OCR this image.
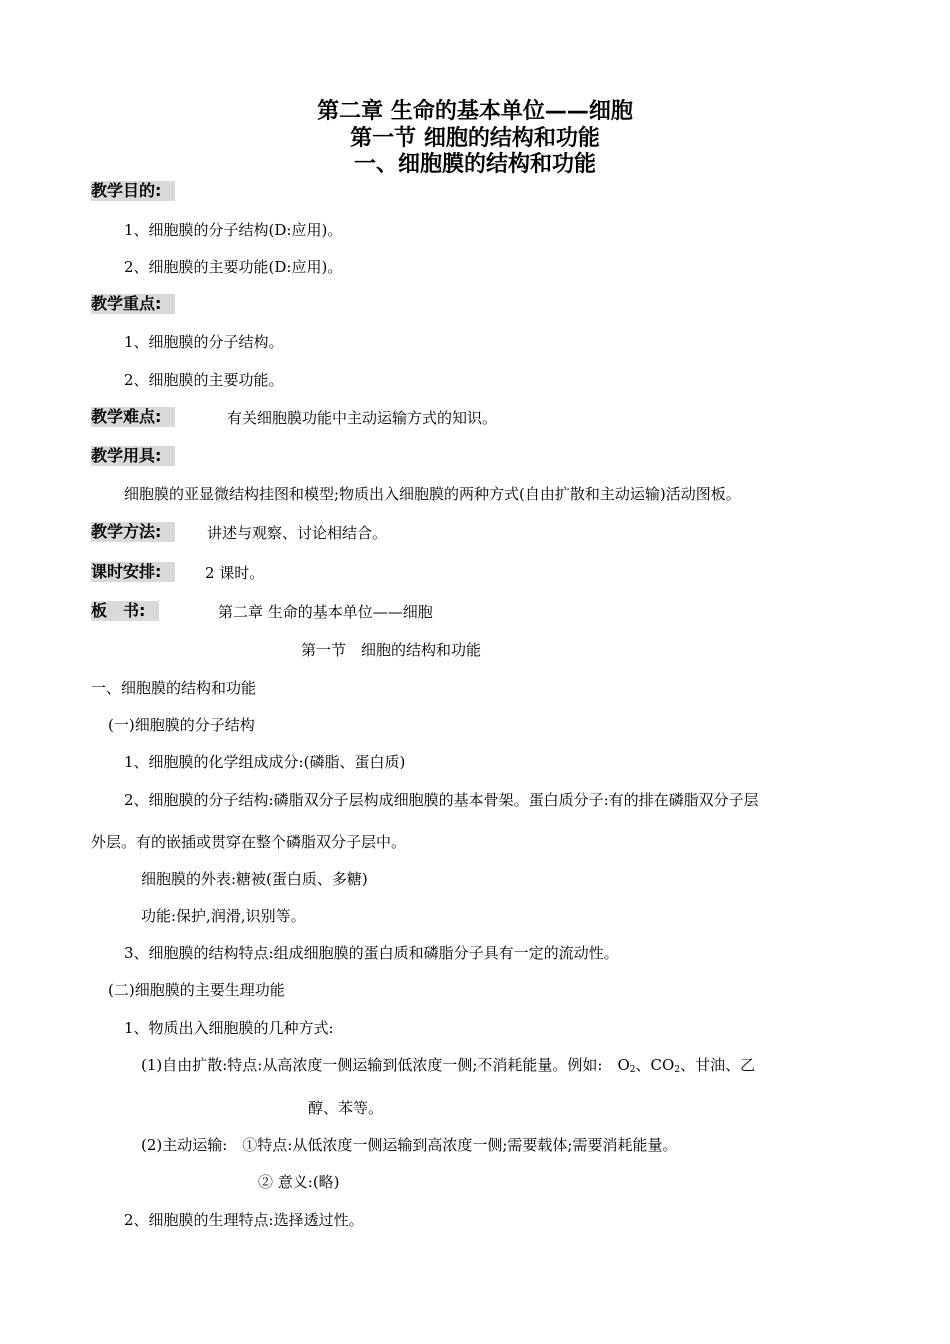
第二章 生命的基本单位——细胞
第一节 细胞的结构和功能
一、细胞膜的结构和功能
教学目的:
1、细胞膜的分子结构(D:应用)。
2、细胞膜的主要功能(D:应用)。
教学重点:
1、细胞膜的分子结构。
2、细胞膜的主要功能。
教学难点:	有关细胞膜功能中主动运输方式的知识。
教学用具:
细胞膜的亚显微结构挂图和模型;物质出入细胞膜的两种方式(自由扩散和主动运输)活动图板。
教学方法:	讲述与观察、讨论相结合。
课时安排:	2 课时。
板　书:	第二章 生命的基本单位——细胞
第一节　细胞的结构和功能
一、细胞膜的结构和功能
(一)细胞膜的分子结构
1、细胞膜的化学组成成分:(磷脂、蛋白质)
2、细胞膜的分子结构:磷脂双分子层构成细胞膜的基本骨架。蛋白质分子:有的排在磷脂双分子层
外层。有的嵌插或贯穿在整个磷脂双分子层中。
细胞膜的外表:糖被(蛋白质、多糖)
功能:保护,润滑,识别等。
3、细胞膜的结构特点:组成细胞膜的蛋白质和磷脂分子具有一定的流动性。
(二)细胞膜的主要生理功能
1、物质出入细胞膜的几种方式:
(1)自由扩散:特点:从高浓度一侧运输到低浓度一侧;不消耗能量。例如:　 $O_2$、$CO_2$、甘油、乙
醇、苯等。
(2)主动运输:　①特点:从低浓度一侧运输到高浓度一侧;需要载体;需要消耗能量。
② 意义:(略)
2、细胞膜的生理特点:选择透过性。
